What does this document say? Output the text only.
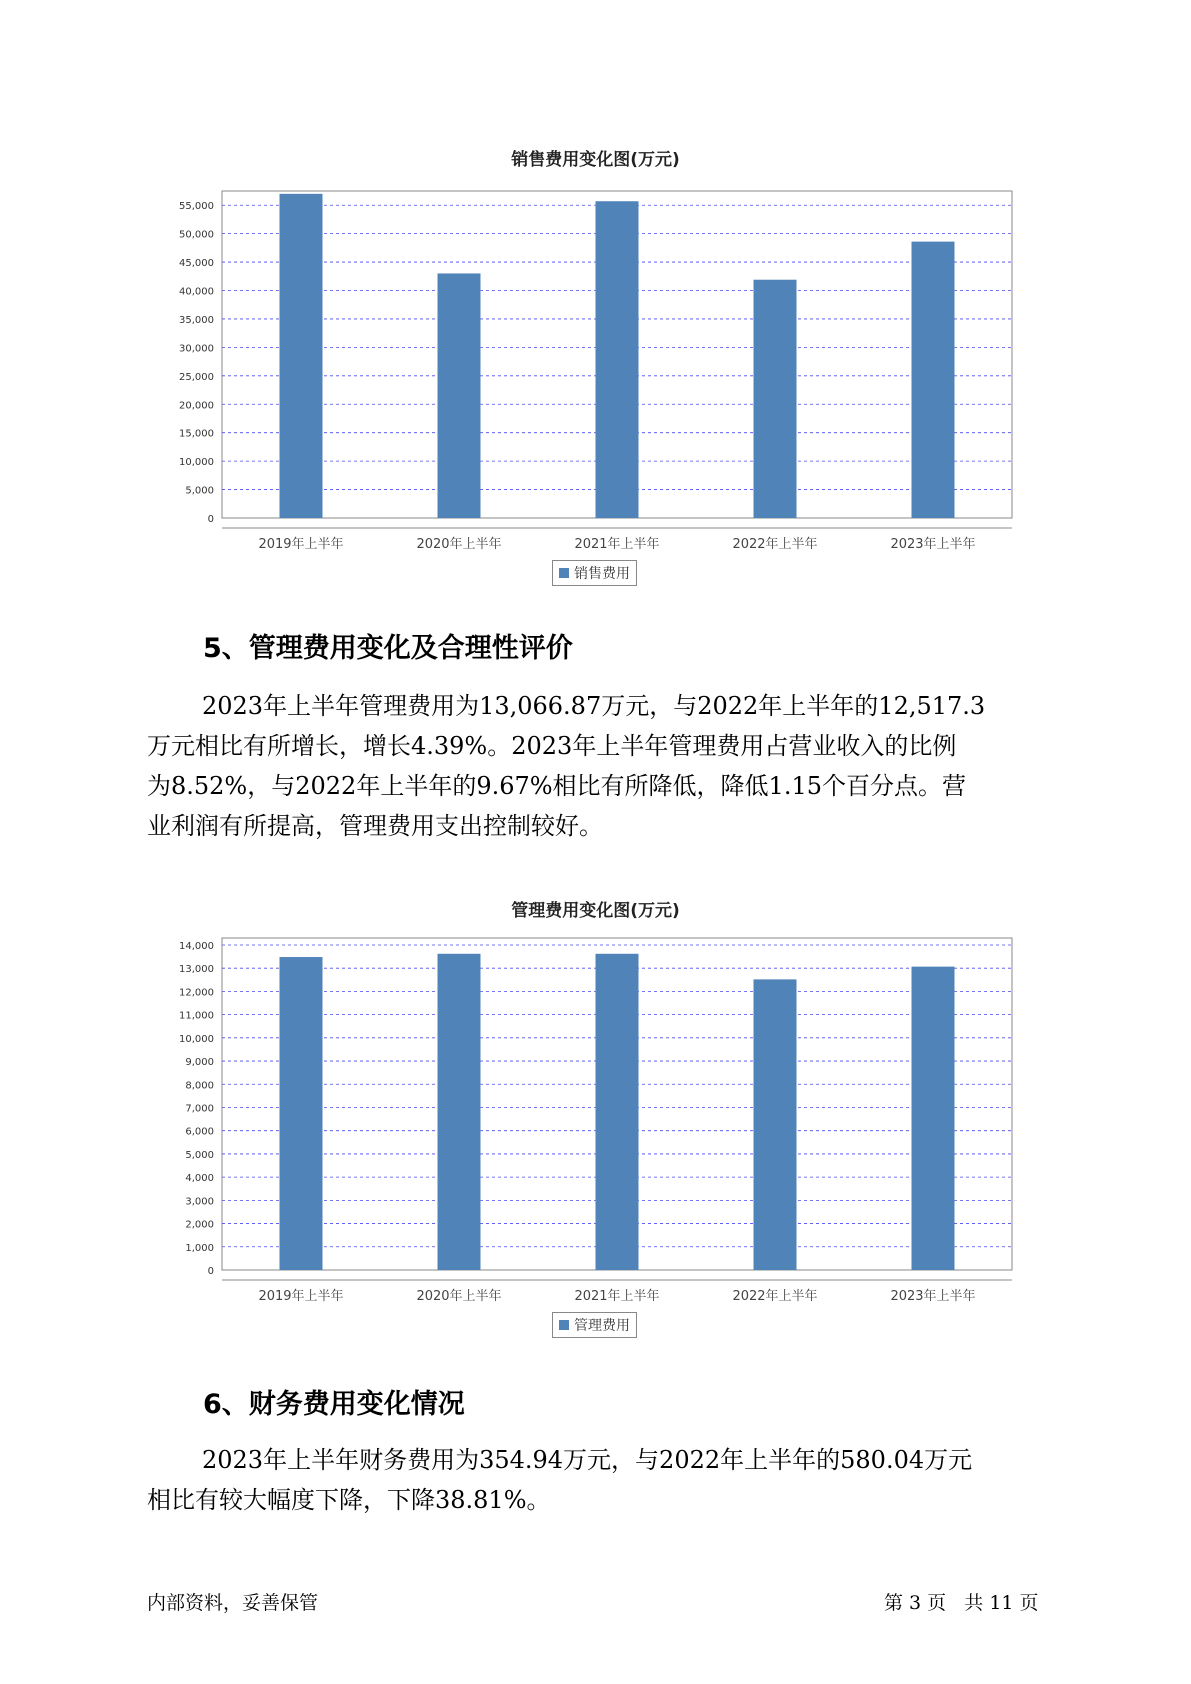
销售费用变化图(万元)
0
5,000
10,000
15,000
20,000
25,000
30,000
35,000
40,000
45,000
50,000
55,000
2019年上半年	2020年上半年	2021年上半年	2022年上半年	2023年上半年
销售费用
5、管理费用变化及合理性评价
2023年上半年管理费用为13,066.87万元，与2022年上半年的12,517.3
万元相比有所增长，增长4.39%。2023年上半年管理费用占营业收入的比例
为8.52%，与2022年上半年的9.67%相比有所降低，降低1.15个百分点。营
业利润有所提高，管理费用支出控制较好。
管理费用变化图(万元)
0
1,000
2,000
3,000
4,000
5,000
6,000
7,000
8,000
9,000
10,000
11,000
12,000
13,000
14,000
2019年上半年	2020年上半年	2021年上半年	2022年上半年	2023年上半年
管理费用
6、财务费用变化情况
2023年上半年财务费用为354.94万元，与2022年上半年的580.04万元
相比有较大幅度下降，下降38.81%。
内部资料，妥善保管	第 3 页   共 11 页
